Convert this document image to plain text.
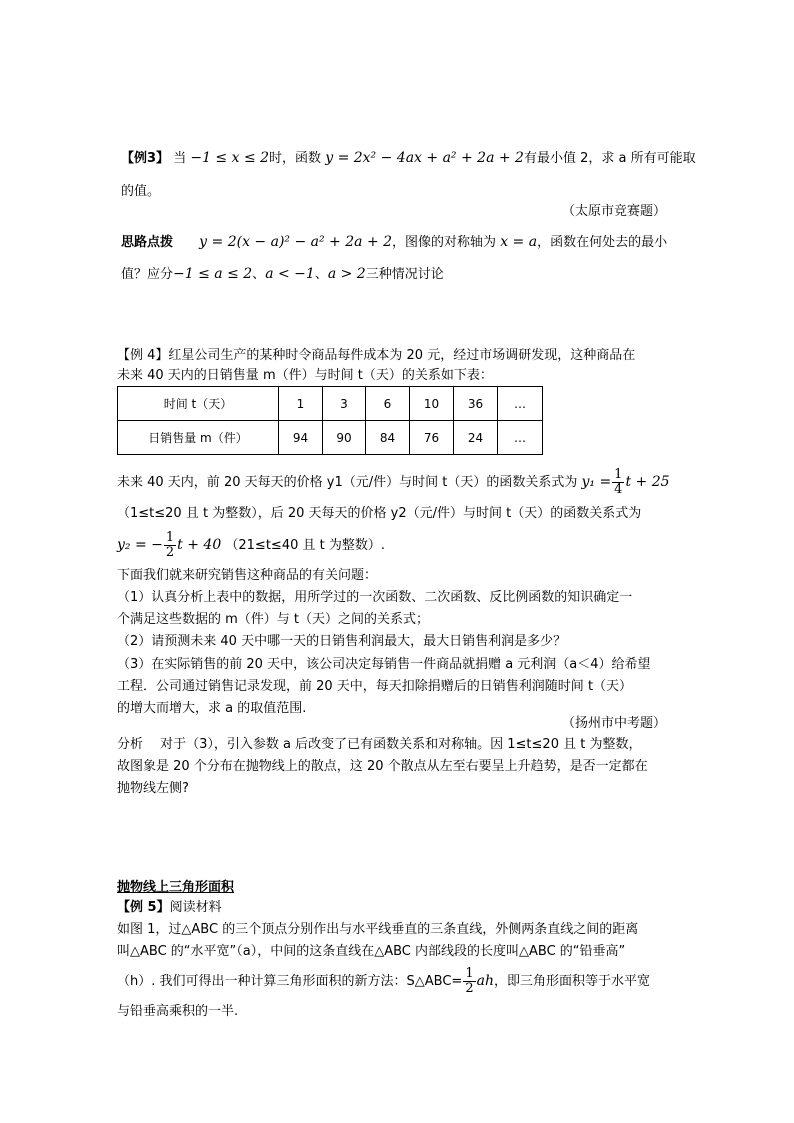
【例3】 当 −1 ≤ x ≤ 2时，函数 y = 2x² − 4ax + a² + 2a + 2有最小值 2，求 a 所有可能取
的值。
（太原市竞赛题）
思路点拨 y = 2(x − a)² − a² + 2a + 2，图像的对称轴为 x = a，函数在何处去的最小
值？应分−1 ≤ a ≤ 2、a < −1、a > 2三种情况讨论
【例 4】红星公司生产的某种时令商品每件成本为 20 元，经过市场调研发现，这种商品在
未来 40 天内的日销售量 m（件）与时间 t（天）的关系如下表：
时间 t（天）	1	3	6	10	36	…
日销售量 m（件）	94	90	84	76	24	…
未来 40 天内，前 20 天每天的价格 y1（元/件）与时间 t（天）的函数关系式为 $y_1 = \frac{1}{4}$ t + 25
（1≤t≤20 且 t 为整数），后 20 天每天的价格 y2（元/件）与时间 t（天）的函数关系式为
y₂ = − $\frac{1}{2}$ t + 40 （21≤t≤40 且 t 为整数）.
下面我们就来研究销售这种商品的有关问题：
（1）认真分析上表中的数据，用所学过的一次函数、二次函数、反比例函数的知识确定一
个满足这些数据的 m（件）与 t（天）之间的关系式；
（2）请预测未来 40 天中哪一天的日销售利润最大，最大日销售利润是多少？
（3）在实际销售的前 20 天中，该公司决定每销售一件商品就捐赠 a 元利润（a＜4）给希望
工程．公司通过销售记录发现，前 20 天中，每天扣除捐赠后的日销售利润随时间 t（天）
的增大而增大，求 a 的取值范围.
（扬州市中考题）
分析　 对于（3），引入参数 a 后改变了已有函数关系和对称轴。因 1≤t≤20 且 t 为整数，
故图象是 20 个分布在抛物线上的散点，这 20 个散点从左至右要呈上升趋势，是否一定都在
抛物线左侧?
抛物线上三角形面积
【例 5】阅读材料
如图 1，过△ABC 的三个顶点分别作出与水平线垂直的三条直线，外侧两条直线之间的距离
叫△ABC 的“水平宽”（a），中间的这条直线在△ABC 内部线段的长度叫△ABC 的“铅垂高”
（h）. 我们可得出一种计算三角形面积的新方法：S△ABC= $\frac{1}{2}$ ah，即三角形面积等于水平宽
与铅垂高乘积的一半.
